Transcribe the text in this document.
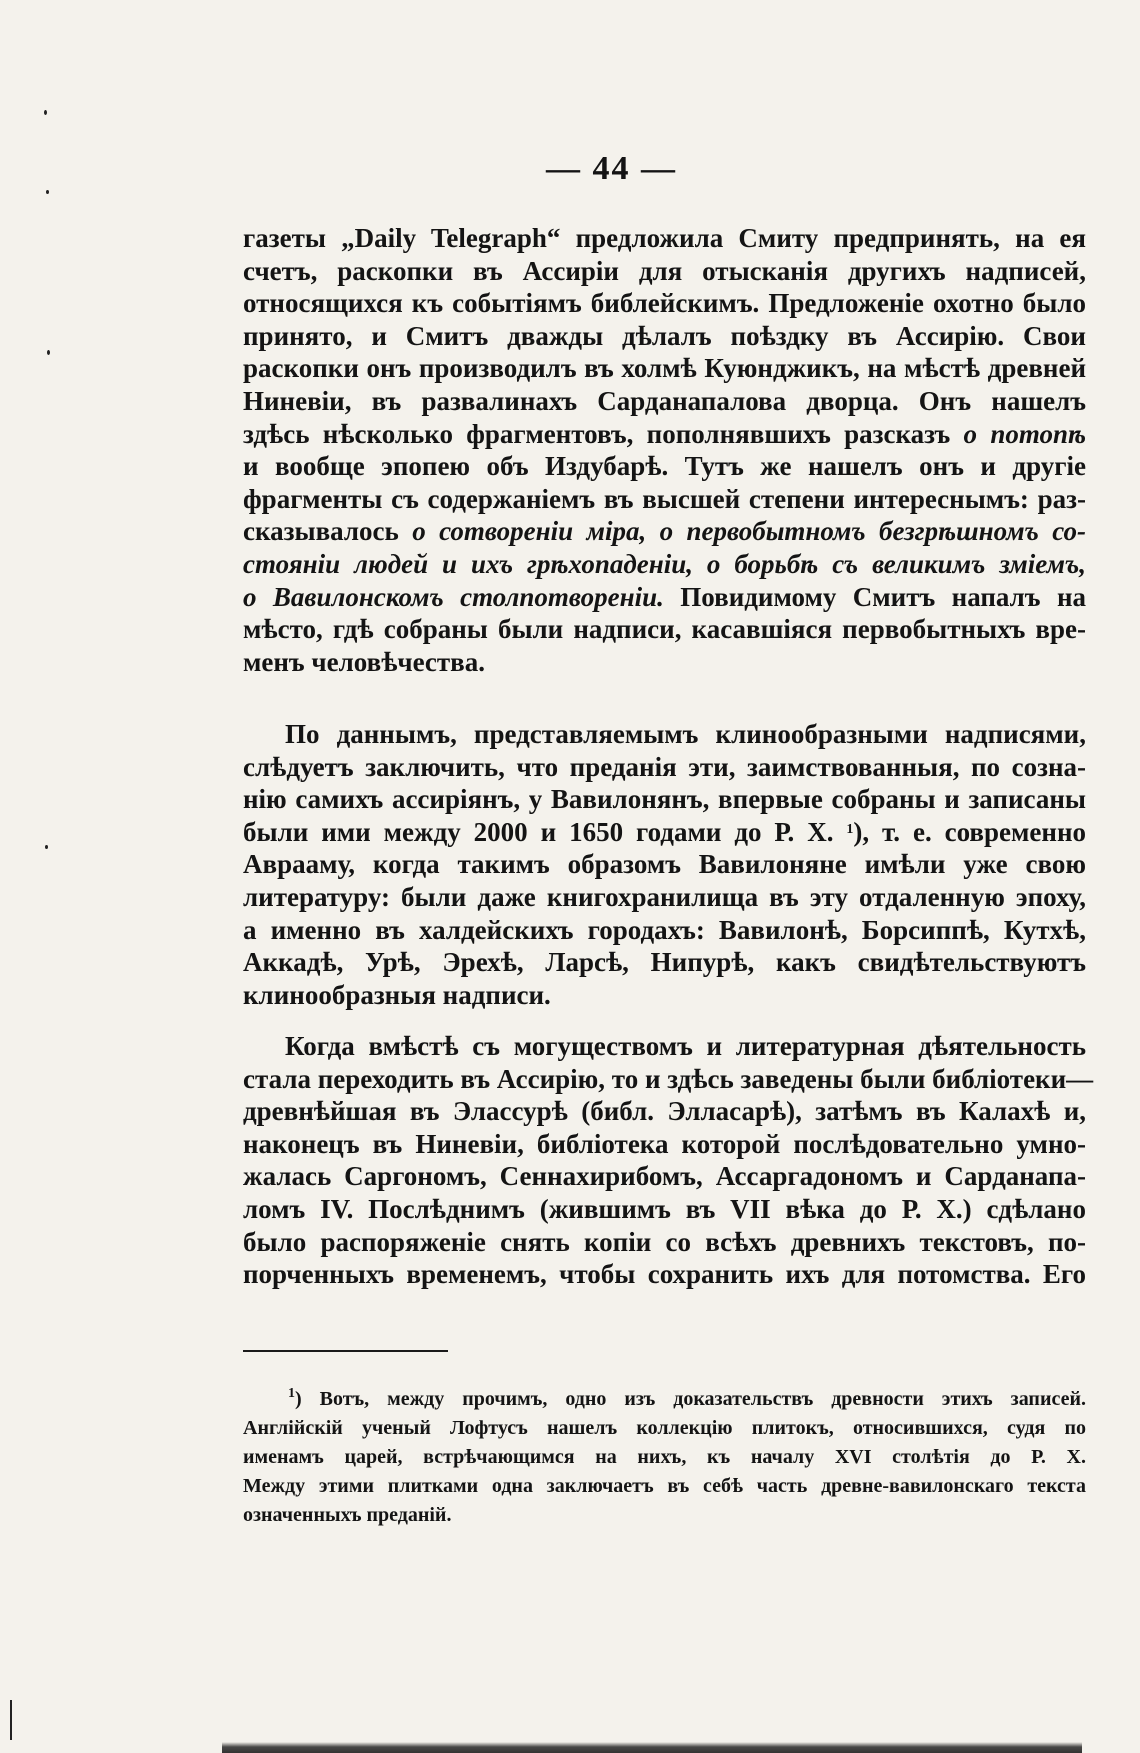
— 44 —
газеты „Daily Telegraph“ предложила Смиту предпринять, на ея
счетъ, раскопки въ Ассиріи для отысканія другихъ надписей,
относящихся къ событіямъ библейскимъ. Предложеніе охотно было
принято, и Смитъ дважды дѣлалъ поѣздку въ Ассирію. Свои
раскопки онъ производилъ въ холмѣ Куюнджикъ, на мѣстѣ древней
Ниневіи, въ развалинахъ Сарданапалова дворца. Онъ нашелъ
здѣсь нѣсколько фрагментовъ, пополнявшихъ разсказъ о потопѣ
и вообще эпопею объ Издубарѣ. Тутъ же нашелъ онъ и другіе
фрагменты съ содержаніемъ въ высшей степени интереснымъ: раз-
сказывалось о сотвореніи міра, о первобытномъ безгрѣшномъ со-
стояніи людей и ихъ грѣхопаденіи, о борьбѣ съ великимъ зміемъ,
о Вавилонскомъ столпотвореніи. Повидимому Смитъ напалъ на
мѣсто, гдѣ собраны были надписи, касавшіяся первобытныхъ вре-
менъ человѣчества.
По даннымъ, представляемымъ клинообразными надписями,
слѣдуетъ заключить, что преданія эти, заимствованныя, по созна-
нію самихъ ассиріянъ, у Вавилонянъ, впервые собраны и записаны
были ими между 2000 и 1650 годами до Р. Х. $^1$), т. е. современно
Аврааму, когда такимъ образомъ Вавилоняне имѣли уже свою
литературу: были даже книгохранилища въ эту отдаленную эпоху,
а именно въ халдейскихъ городахъ: Вавилонѣ, Борсиппѣ, Кутхѣ,
Аккадѣ, Урѣ, Эрехѣ, Ларсѣ, Нипурѣ, какъ свидѣтельствуютъ
клинообразныя надписи.
Когда вмѣстѣ съ могуществомъ и литературная дѣятельность
стала переходить въ Ассирію, то и здѣсь заведены были библіотеки—
древнѣйшая въ Элассурѣ (библ. Элласарѣ), затѣмъ въ Калахѣ и,
наконецъ въ Ниневіи, библіотека которой послѣдовательно умно-
жалась Саргономъ, Сеннахирибомъ, Ассаргадономъ и Сарданапа-
ломъ IV. Послѣднимъ (жившимъ въ VII вѣка до Р. Х.) сдѣлано
было распоряженіе снять копіи со всѣхъ древнихъ текстовъ, по-
порченныхъ временемъ, чтобы сохранить ихъ для потомства. Его
$^1$) Вотъ, между прочимъ, одно изъ доказательствъ древности этихъ записей.
Англійскій ученый Лофтусъ нашелъ коллекцію плитокъ, относившихся, судя по
именамъ царей, встрѣчающимся на нихъ, къ началу XVI столѣтія до Р. Х.
Между этими плитками одна заключаетъ въ себѣ часть древне-вавилонскаго текста
означенныхъ преданій.
